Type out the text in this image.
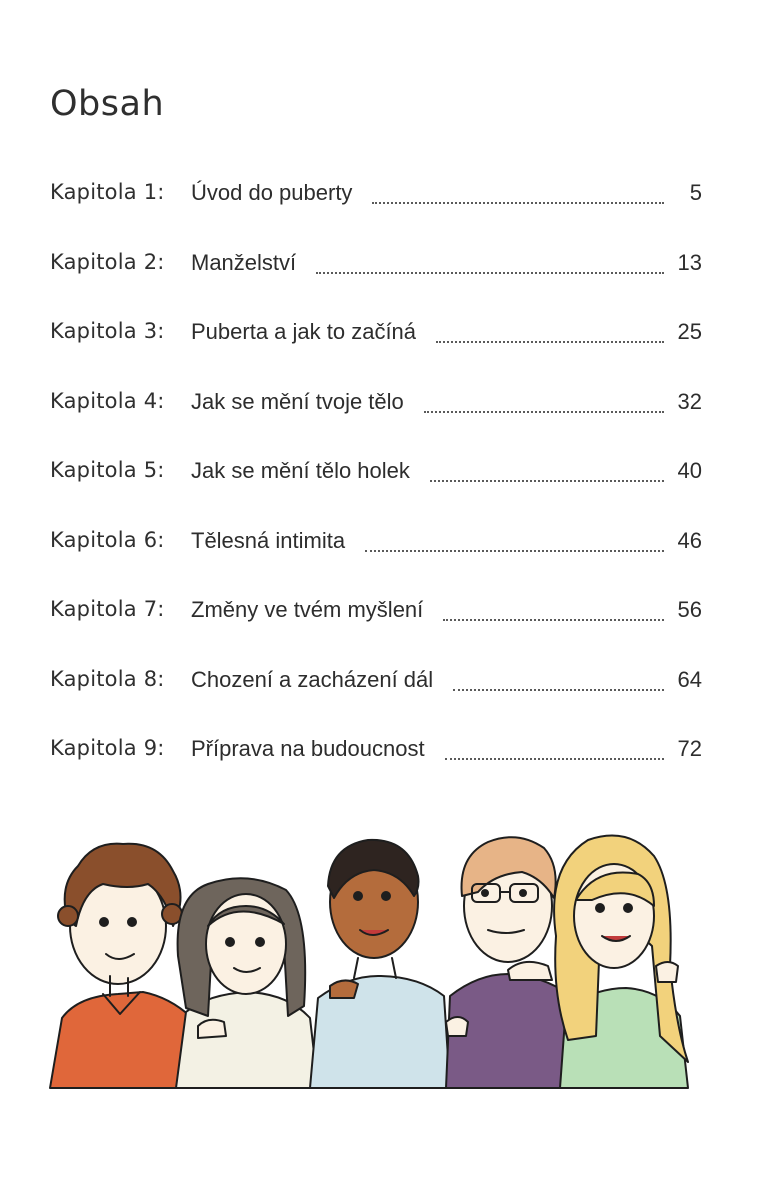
Obsah
Kapitola 1:	Úvod do puberty	5
Kapitola 2:	Manželství	13
Kapitola 3:	Puberta a jak to začíná	25
Kapitola 4:	Jak se mění tvoje tělo	32
Kapitola 5:	Jak se mění tělo holek	40
Kapitola 6:	Tělesná intimita	46
Kapitola 7:	Změny ve tvém myšlení	56
Kapitola 8:	Chození a zacházení dál	64
Kapitola 9:	Příprava na budoucnost	72
